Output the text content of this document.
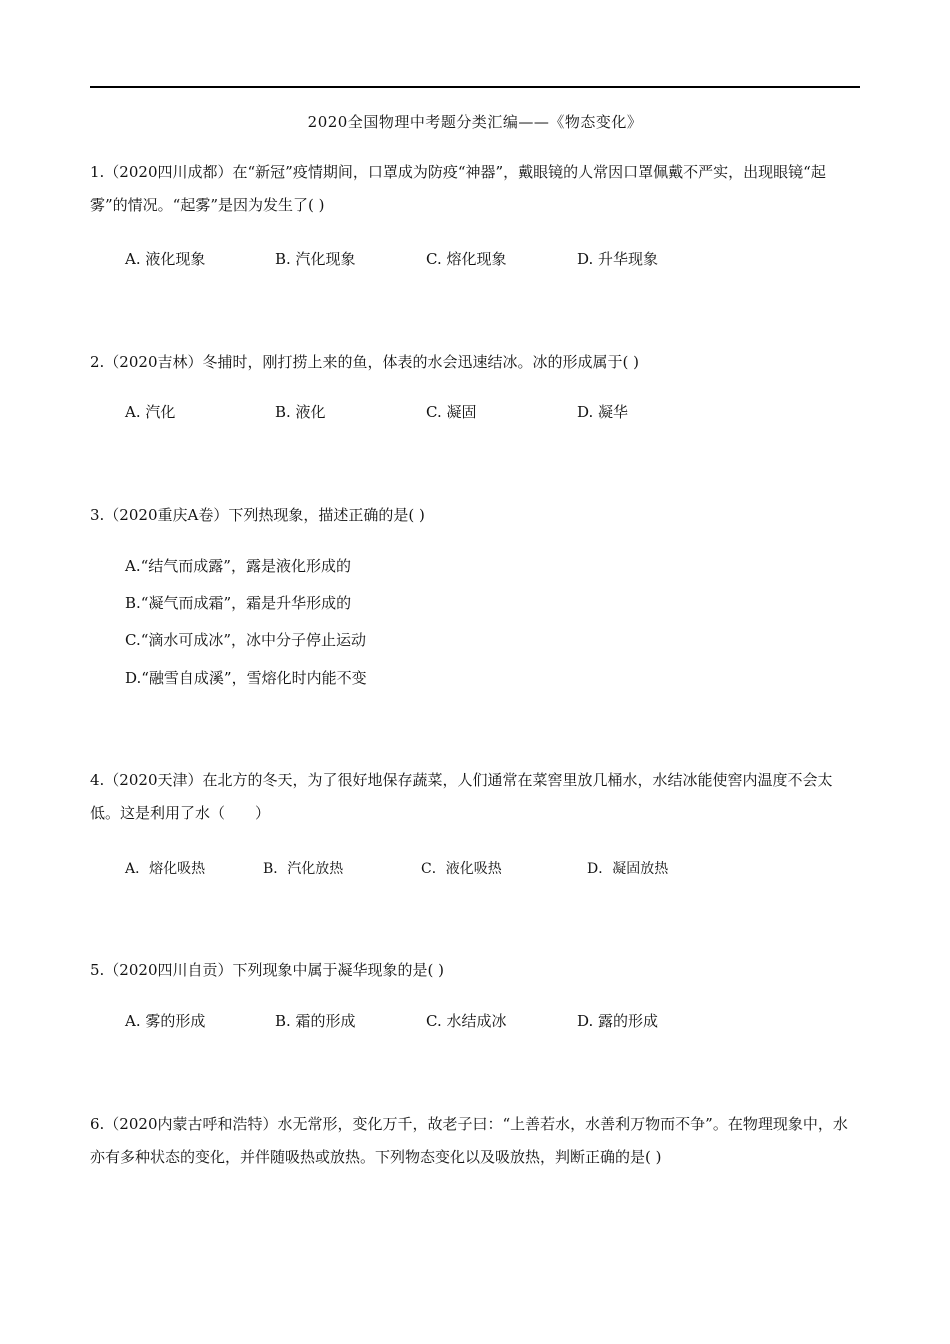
2020全国物理中考题分类汇编——《物态变化》
1.（2020四川成都）在“新冠”疫情期间，口罩成为防疫“神器”，戴眼镜的人常因口罩佩戴不严实，出现眼镜“起雾”的情况。“起雾”是因为发生了( )
A. 液化现象	B. 汽化现象	C. 熔化现象	D. 升华现象
2.（2020吉林）冬捕时，刚打捞上来的鱼，体表的水会迅速结冰。冰的形成属于( )
A. 汽化	B. 液化	C. 凝固	D. 凝华
3.（2020重庆A卷）下列热现象，描述正确的是( )
A.“结气而成露”，露是液化形成的
B.“凝气而成霜”，霜是升华形成的
C.“滴水可成冰”，冰中分子停止运动
D.“融雪自成溪”，雪熔化时内能不变
4.（2020天津）在北方的冬天，为了很好地保存蔬菜，人们通常在菜窖里放几桶水，水结冰能使窖内温度不会太低。这是利用了水（　　）
A．熔化吸热	B．汽化放热	C．液化吸热	D．凝固放热
5.（2020四川自贡）下列现象中属于凝华现象的是( )
A. 雾的形成	B. 霜的形成	C. 水结成冰	D. 露的形成
6.（2020内蒙古呼和浩特）水无常形，变化万千，故老子曰：“上善若水，水善利万物而不争”。在物理现象中，水亦有多种状态的变化，并伴随吸热或放热。下列物态变化以及吸放热，判断正确的是( )
